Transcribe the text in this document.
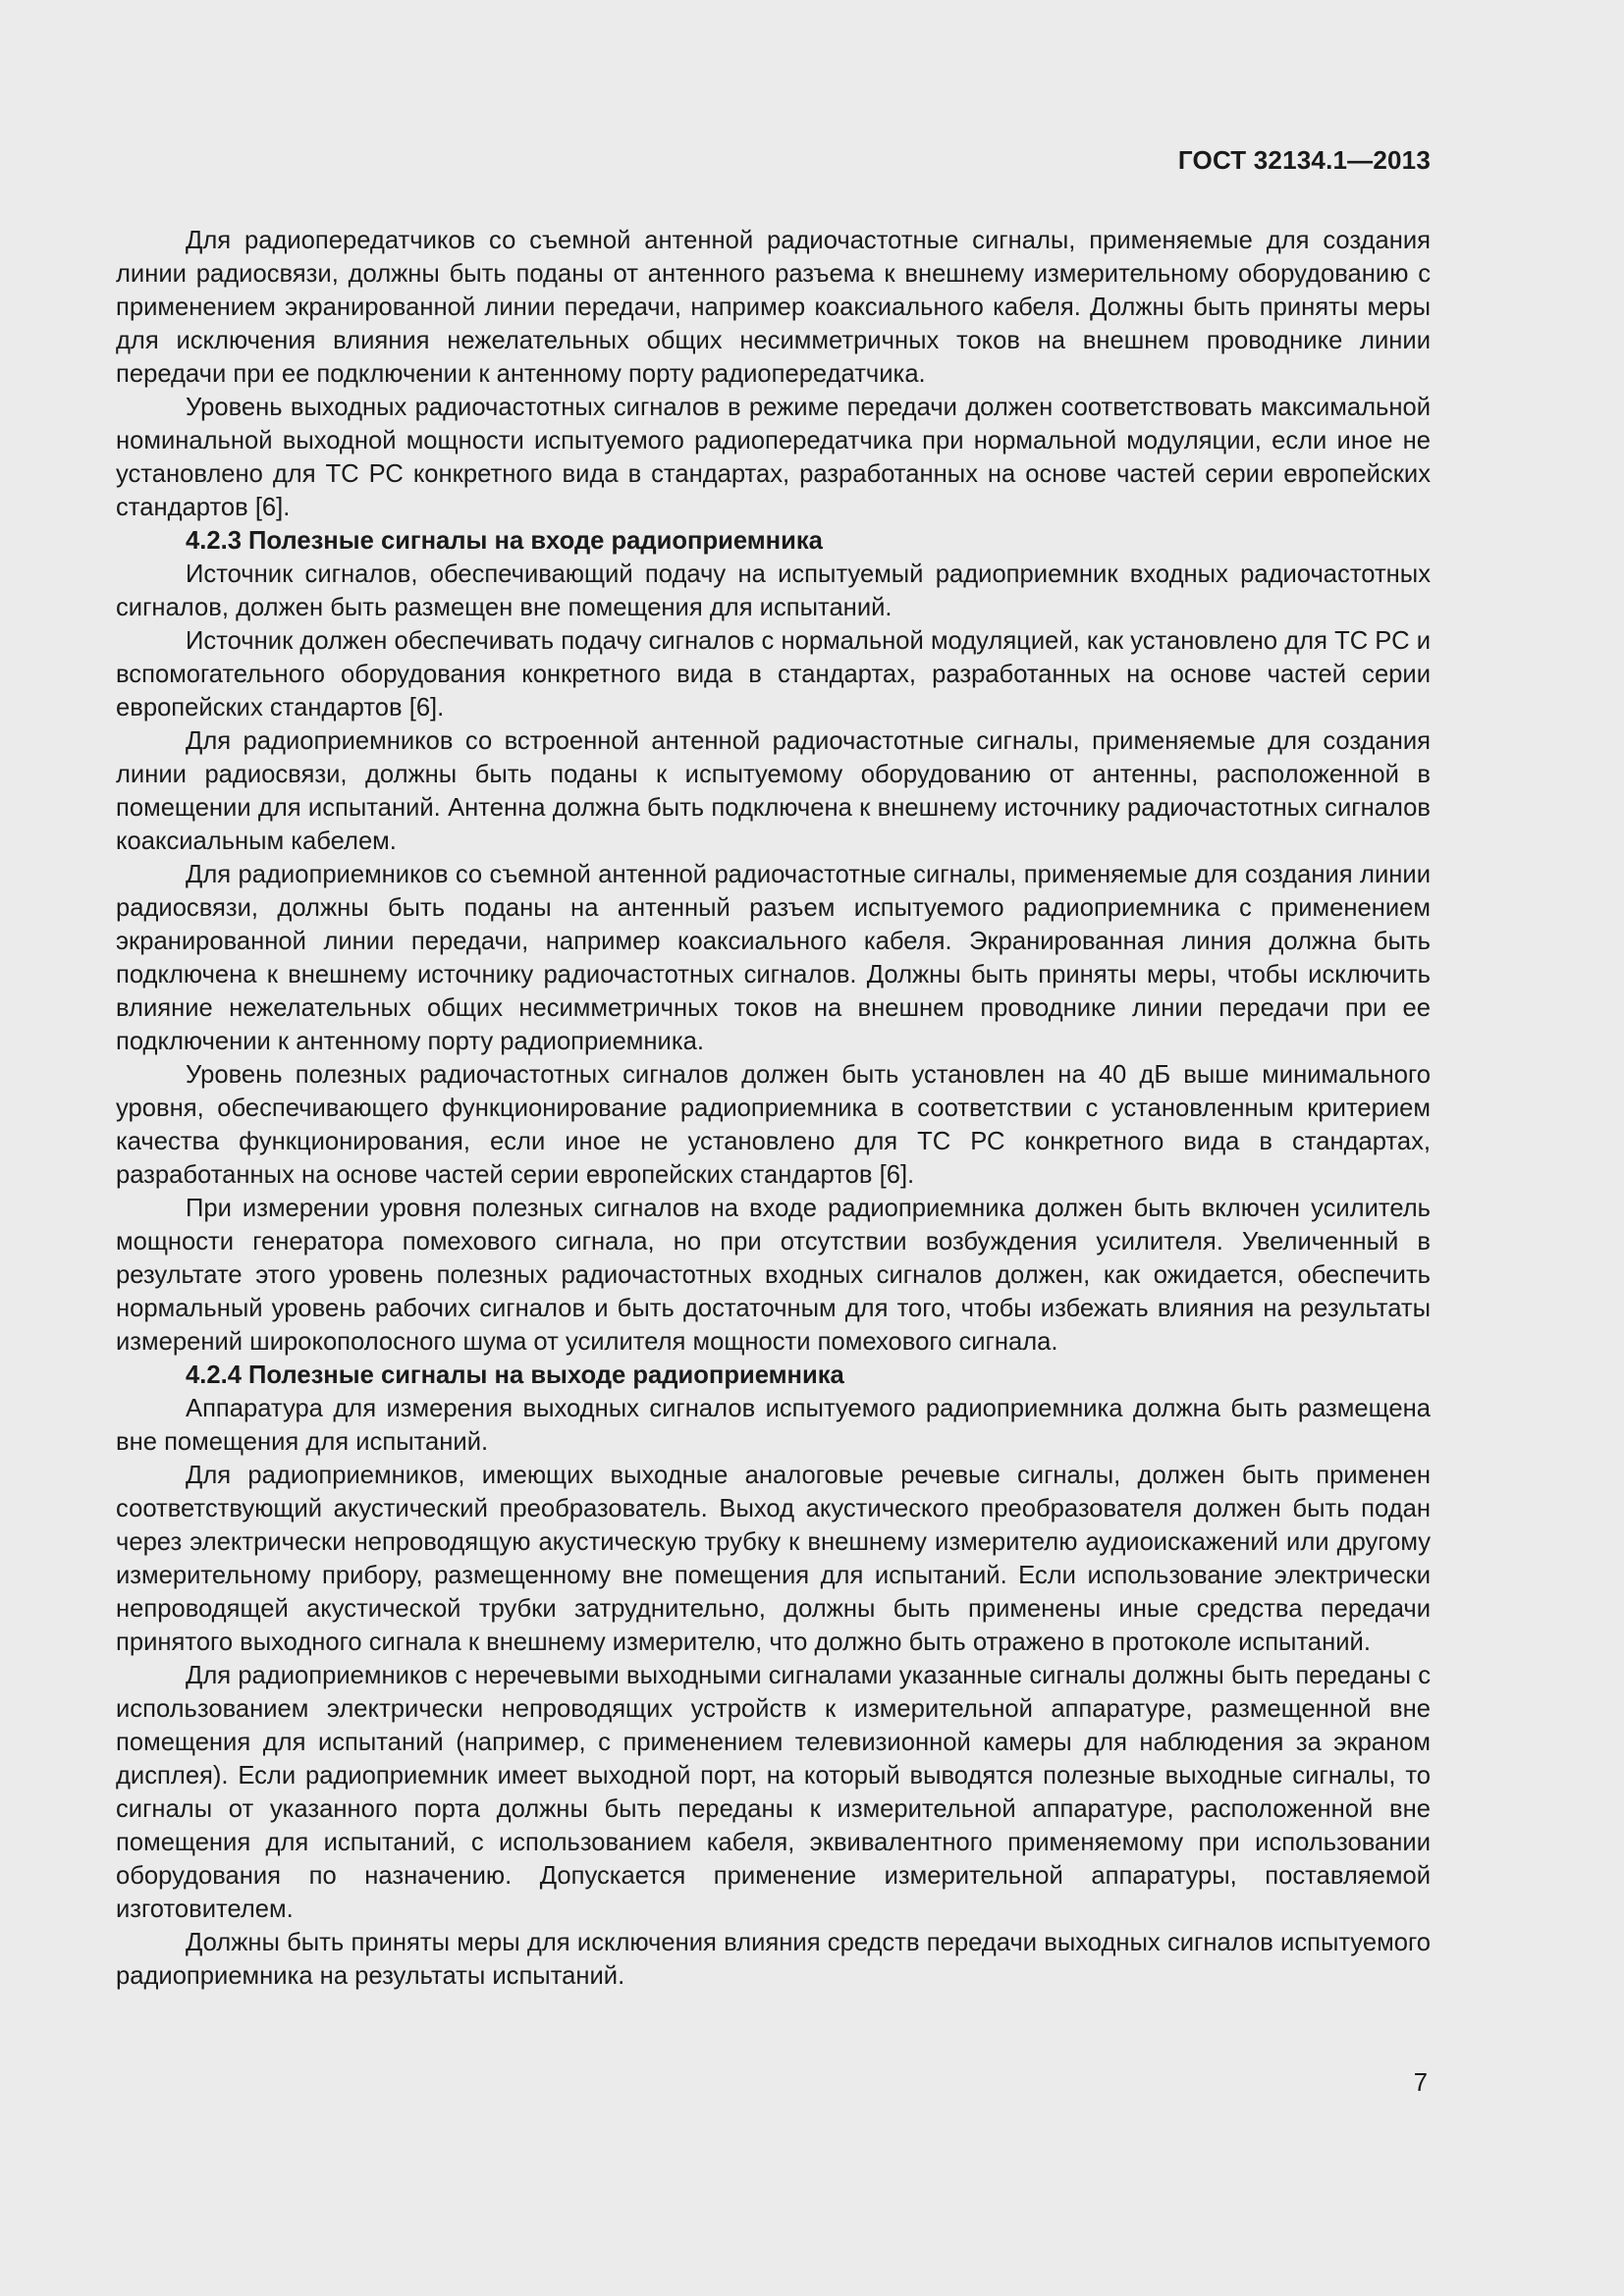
ГОСТ 32134.1—2013

Для радиопередатчиков со съемной антенной радиочастотные сигналы, применяемые для создания линии радиосвязи, должны быть поданы от антенного разъема к внешнему измерительному оборудованию с применением экранированной линии передачи, например коаксиального кабеля. Должны быть приняты меры для исключения влияния нежелательных общих несимметричных токов на внешнем проводнике линии передачи при ее подключении к антенному порту радиопередатчика.

Уровень выходных радиочастотных сигналов в режиме передачи должен соответствовать максимальной номинальной выходной мощности испытуемого радиопередатчика при нормальной модуляции, если иное не установлено для ТС РС конкретного вида в стандартах, разработанных на основе частей серии европейских стандартов [6].

4.2.3 Полезные сигналы на входе радиоприемника

Источник сигналов, обеспечивающий подачу на испытуемый радиоприемник входных радиочастотных сигналов, должен быть размещен вне помещения для испытаний.

Источник должен обеспечивать подачу сигналов с нормальной модуляцией, как установлено для ТС РС и вспомогательного оборудования конкретного вида в стандартах, разработанных на основе частей серии европейских стандартов [6].

Для радиоприемников со встроенной антенной радиочастотные сигналы, применяемые для создания линии радиосвязи, должны быть поданы к испытуемому оборудованию от антенны, расположенной в помещении для испытаний. Антенна должна быть подключена к внешнему источнику радиочастотных сигналов коаксиальным кабелем.

Для радиоприемников со съемной антенной радиочастотные сигналы, применяемые для создания линии радиосвязи, должны быть поданы на антенный разъем испытуемого радиоприемника с применением экранированной линии передачи, например коаксиального кабеля. Экранированная линия должна быть подключена к внешнему источнику радиочастотных сигналов. Должны быть приняты меры, чтобы исключить влияние нежелательных общих несимметричных токов на внешнем проводнике линии передачи при ее подключении к антенному порту радиоприемника.

Уровень полезных радиочастотных сигналов должен быть установлен на 40 дБ выше минимального уровня, обеспечивающего функционирование радиоприемника в соответствии с установленным критерием качества функционирования, если иное не установлено для ТС РС конкретного вида в стандартах, разработанных на основе частей серии европейских стандартов [6].

При измерении уровня полезных сигналов на входе радиоприемника должен быть включен усилитель мощности генератора помехового сигнала, но при отсутствии возбуждения усилителя. Увеличенный в результате этого уровень полезных радиочастотных входных сигналов должен, как ожидается, обеспечить нормальный уровень рабочих сигналов и быть достаточным для того, чтобы избежать влияния на результаты измерений широкополосного шума от усилителя мощности помехового сигнала.

4.2.4 Полезные сигналы на выходе радиоприемника

Аппаратура для измерения выходных сигналов испытуемого радиоприемника должна быть размещена вне помещения для испытаний.

Для радиоприемников, имеющих выходные аналоговые речевые сигналы, должен быть применен соответствующий акустический преобразователь. Выход акустического преобразователя должен быть подан через электрически непроводящую акустическую трубку к внешнему измерителю аудиоискажений или другому измерительному прибору, размещенному вне помещения для испытаний. Если использование электрически непроводящей акустической трубки затруднительно, должны быть применены иные средства передачи принятого выходного сигнала к внешнему измерителю, что должно быть отражено в протоколе испытаний.

Для радиоприемников с неречевыми выходными сигналами указанные сигналы должны быть переданы с использованием электрически непроводящих устройств к измерительной аппаратуре, размещенной вне помещения для испытаний (например, с применением телевизионной камеры для наблюдения за экраном дисплея). Если радиоприемник имеет выходной порт, на который выводятся полезные выходные сигналы, то сигналы от указанного порта должны быть переданы к измерительной аппаратуре, расположенной вне помещения для испытаний, с использованием кабеля, эквивалентного применяемому при использовании оборудования по назначению. Допускается применение измерительной аппаратуры, поставляемой изготовителем.

Должны быть приняты меры для исключения влияния средств передачи выходных сигналов испытуемого радиоприемника на результаты испытаний.

7
